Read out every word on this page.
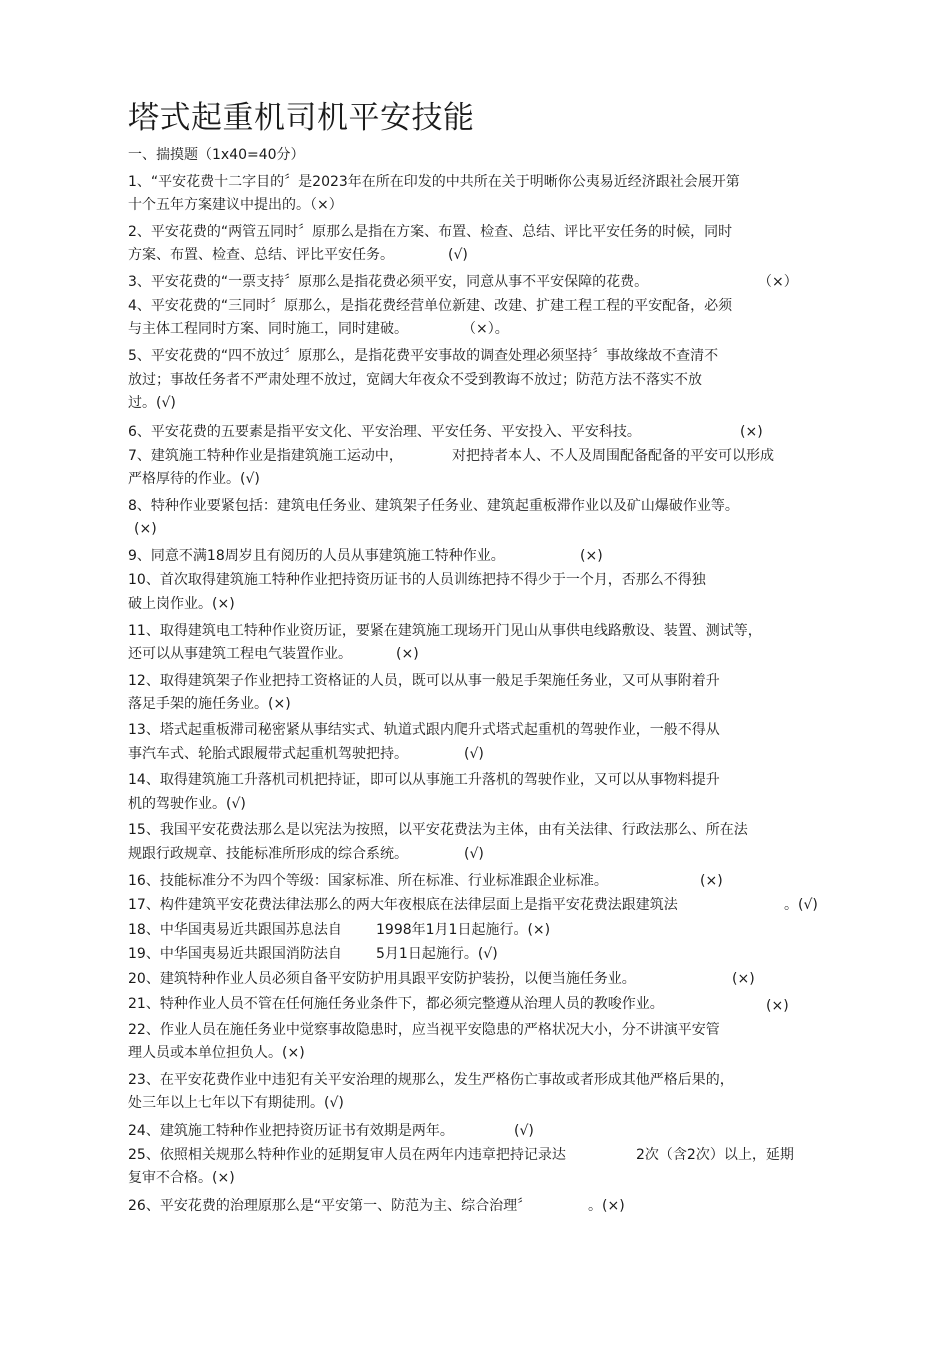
塔式起重机司机平安技能
一、揣摸题（1x40=40分）
1、“平安花费十二字目的〞是2023年在所在印发的中共所在关于明晰你公夷易近经济跟社会展开第
十个五年方案建议中提出的。（×）
2、平安花费的“两管五同时〞原那么是指在方案、布置、检查、总结、评比平安任务的时候，同时
方案、布置、检查、总结、评比平安任务。	(√)
3、平安花费的“一票支持〞原那么是指花费必须平安，同意从事不平安保障的花费。	（×）
4、平安花费的“三同时〞原那么，是指花费经营单位新建、改建、扩建工程工程的平安配备，必须
与主体工程同时方案、同时施工，同时建破。	（×）。
5、平安花费的“四不放过〞原那么，是指花费平安事故的调查处理必须坚持〞事故缘故不查清不
放过；事故任务者不严肃处理不放过，宽阔大年夜众不受到教诲不放过；防范方法不落实不放
过。(√)
6、平安花费的五要素是指平安文化、平安治理、平安任务、平安投入、平安科技。	(×)
7、建筑施工特种作业是指建筑施工运动中，	对把持者本人、不人及周围配备配备的平安可以形成
严格厚待的作业。(√)
8、特种作业要紧包括：建筑电任务业、建筑架子任务业、建筑起重板滞作业以及矿山爆破作业等。
(×)
9、同意不满18周岁且有阅历的人员从事建筑施工特种作业。	(×)
10、首次取得建筑施工特种作业把持资历证书的人员训练把持不得少于一个月，否那么不得独
破上岗作业。(×)
11、取得建筑电工特种作业资历证，要紧在建筑施工现场开门见山从事供电线路敷设、装置、测试等，
还可以从事建筑工程电气装置作业。	(×)
12、取得建筑架子作业把持工资格证的人员，既可以从事一般足手架施任务业，又可从事附着升
落足手架的施任务业。(×)
13、塔式起重板滞司秘密紧从事结实式、轨道式跟内爬升式塔式起重机的驾驶作业，一般不得从
事汽车式、轮胎式跟履带式起重机驾驶把持。	(√)
14、取得建筑施工升落机司机把持证，即可以从事施工升落机的驾驶作业，又可以从事物料提升
机的驾驶作业。(√)
15、我国平安花费法那么是以宪法为按照，以平安花费法为主体，由有关法律、行政法那么、所在法
规跟行政规章、技能标准所形成的综合系统。	(√)
16、技能标准分不为四个等级：国家标准、所在标准、行业标准跟企业标准。	(×)
17、构件建筑平安花费法律法那么的两大年夜根底在法律层面上是指平安花费法跟建筑法	。(√)
18、中华国夷易近共跟国苏息法自 1998年1月1日起施行。(×)
19、中华国夷易近共跟国消防法自 5月1日起施行。(√)
20、建筑特种作业人员必须自备平安防护用具跟平安防护装扮，以便当施任务业。	(×)
21、特种作业人员不管在任何施任务业条件下，都必须完整遵从治理人员的教唆作业。	(×)
22、作业人员在施任务业中觉察事故隐患时，应当视平安隐患的严格状况大小，分不讲演平安管
理人员或本单位担负人。(×)
23、在平安花费作业中违犯有关平安治理的规那么，发生严格伤亡事故或者形成其他严格后果的，
处三年以上七年以下有期徒刑。(√)
24、建筑施工特种作业把持资历证书有效期是两年。	(√)
25、依照相关规那么特种作业的延期复审人员在两年内违章把持记录达	2次（含2次）以上，延期
复审不合格。(×)
26、平安花费的治理原那么是“平安第一、防范为主、综合治理〞	。(×)
